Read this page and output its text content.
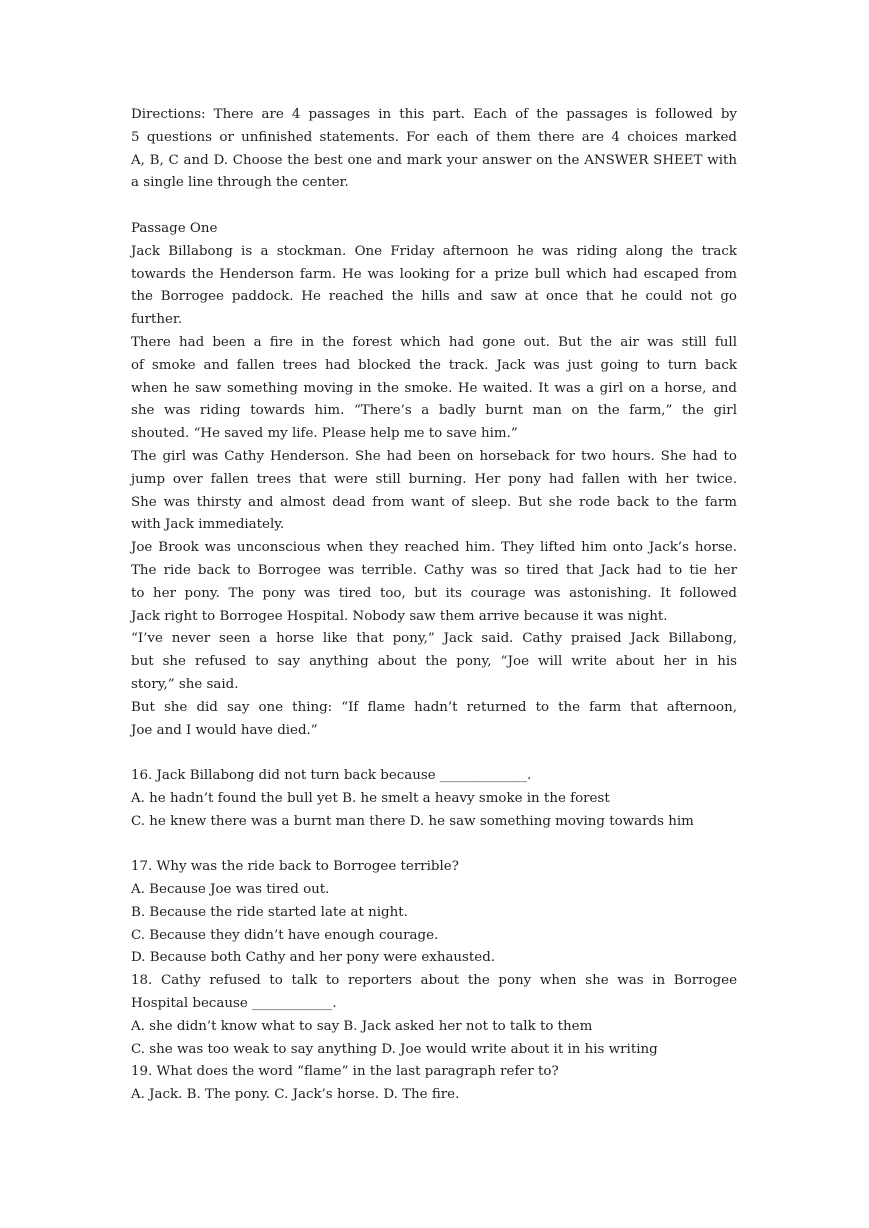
Directions: There are 4 passages in this part. Each of the passages is followed by
5 questions or unfinished statements. For each of them there are 4 choices marked
A, B, C and D. Choose the best one and mark your answer on the ANSWER SHEET with
a single line through the center.
Passage One
Jack Billabong is a stockman. One Friday afternoon he was riding along the track
towards the Henderson farm. He was looking for a prize bull which had escaped from
the Borrogee paddock. He reached the hills and saw at once that he could not go
further.
There had been a fire in the forest which had gone out. But the air was still full
of smoke and fallen trees had blocked the track. Jack was just going to turn back
when he saw something moving in the smoke. He waited. It was a girl on a horse, and
she was riding towards him. “There’s a badly burnt man on the farm,” the girl
shouted. “He saved my life. Please help me to save him.”
The girl was Cathy Henderson. She had been on horseback for two hours. She had to
jump over fallen trees that were still burning. Her pony had fallen with her twice.
She was thirsty and almost dead from want of sleep. But she rode back to the farm
with Jack immediately.
Joe Brook was unconscious when they reached him. They lifted him onto Jack’s horse.
The ride back to Borrogee was terrible. Cathy was so tired that Jack had to tie her
to her pony. The pony was tired too, but its courage was astonishing. It followed
Jack right to Borrogee Hospital. Nobody saw them arrive because it was night.
“I’ve never seen a horse like that pony,” Jack said. Cathy praised Jack Billabong,
but she refused to say anything about the pony, “Joe will write about her in his
story,” she said.
But she did say one thing: “If flame hadn’t returned to the farm that afternoon,
Joe and I would have died.”
16. Jack Billabong did not turn back because _____________.
A. he hadn’t found the bull yet B. he smelt a heavy smoke in the forest
C. he knew there was a burnt man there D. he saw something moving towards him
17. Why was the ride back to Borrogee terrible?
A. Because Joe was tired out.
B. Because the ride started late at night.
C. Because they didn’t have enough courage.
D. Because both Cathy and her pony were exhausted.
18. Cathy refused to talk to reporters about the pony when she was in Borrogee
Hospital because ____________.
A. she didn’t know what to say B. Jack asked her not to talk to them
C. she was too weak to say anything D. Joe would write about it in his writing
19. What does the word “flame” in the last paragraph refer to?
A. Jack. B. The pony. C. Jack’s horse. D. The fire.
